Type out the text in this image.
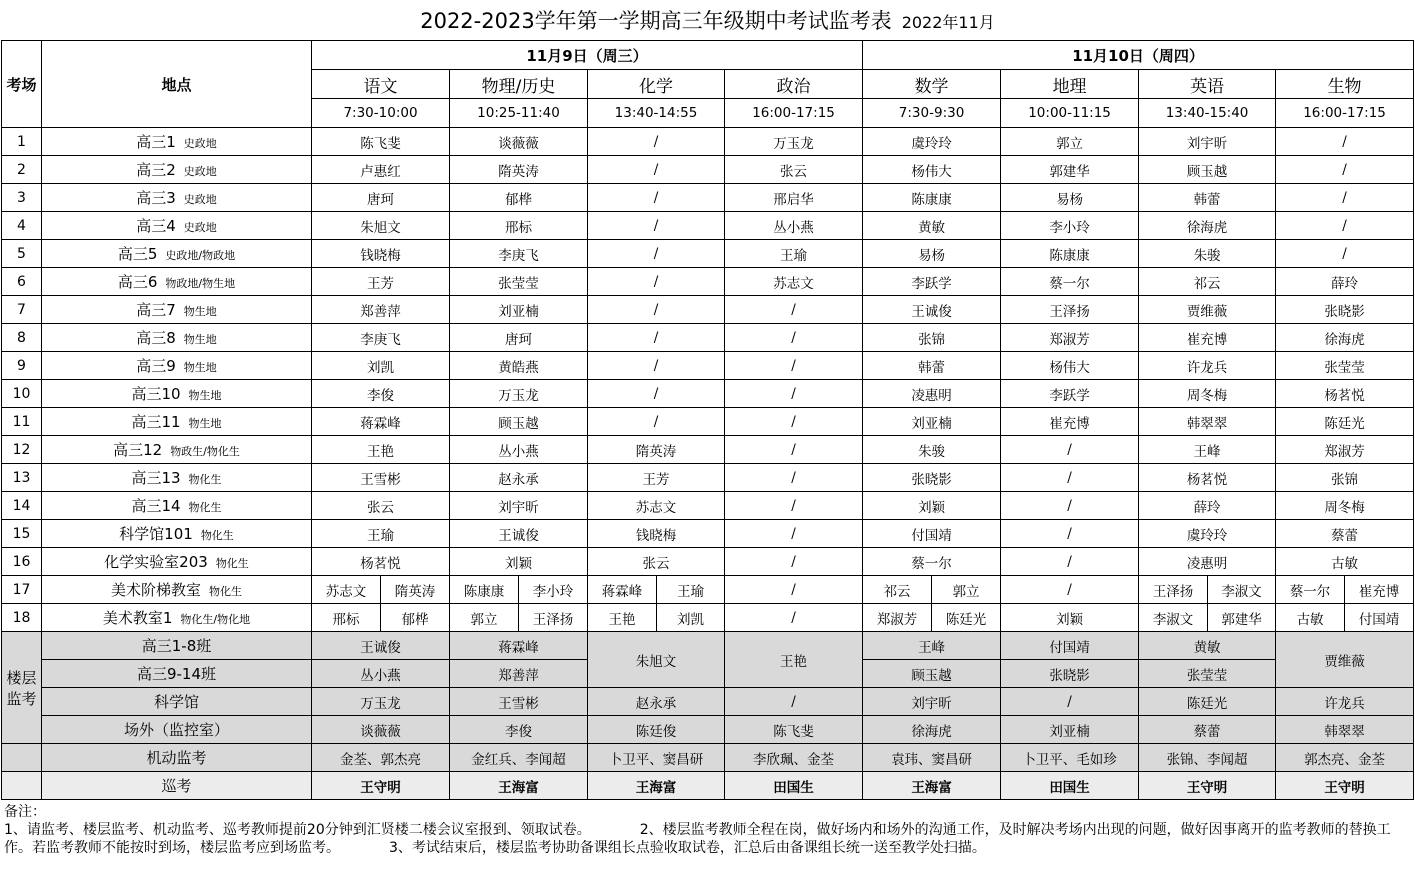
2022-2023学年第一学期高三年级期中考试监考表 2022年11月
考场	地点	11月9日（周三）							11月10日（周四）						
		语文		物理/历史		化学		政治	数学		地理	英语		生物	
		7:30-10:00		10:25-11:40		13:40-14:55		16:00-17:15	7:30-9:30		10:00-11:15	13:40-15:40		16:00-17:15	
1	高三1 史政地	陈飞斐		谈薇薇		/		万玉龙	虞玲玲		郭立	刘宇昕		/	
2	高三2 史政地	卢惠红		隋英涛		/		张云	杨伟大		郭建华	顾玉越		/	
3	高三3 史政地	唐珂		郁桦		/		邢启华	陈康康		易杨	韩蕾		/	
4	高三4 史政地	朱旭文		邢标		/		丛小燕	黄敏		李小玲	徐海虎		/	
5	高三5 史政地/物政地	钱晓梅		李庚飞		/		王瑜	易杨		陈康康	朱骏		/	
6	高三6 物政地/物生地	王芳		张莹莹		/		苏志文	李跃学		蔡一尔	祁云		薛玲	
7	高三7 物生地	郑善萍		刘亚楠		/		/	王诚俊		王泽扬	贾维薇		张晓影	
8	高三8 物生地	李庚飞		唐珂		/		/	张锦		郑淑芳	崔充博		徐海虎	
9	高三9 物生地	刘凯		黄皓燕		/		/	韩蕾		杨伟大	许龙兵		张莹莹	
10	高三10 物生地	李俊		万玉龙		/		/	凌惠明		李跃学	周冬梅		杨茗悦	
11	高三11 物生地	蒋霖峰		顾玉越		/		/	刘亚楠		崔充博	韩翠翠		陈廷光	
12	高三12 物政生/物化生	王艳		丛小燕		隋英涛		/	朱骏		/	王峰		郑淑芳	
13	高三13 物化生	王雪彬		赵永承		王芳		/	张晓影		/	杨茗悦		张锦	
14	高三14 物化生	张云		刘宇昕		苏志文		/	刘颖		/	薛玲		周冬梅	
15	科学馆101 物化生	王瑜		王诚俊		钱晓梅		/	付国靖		/	虞玲玲		蔡蕾	
16	化学实验室203 物化生	杨茗悦		刘颖		张云		/	蔡一尔		/	凌惠明		古敏	
17	美术阶梯教室 物化生	苏志文	隋英涛	陈康康	李小玲	蒋霖峰	王瑜	/	祁云	郭立	/	王泽扬	李淑文	蔡一尔	崔充博
18	美术教室1 物化生/物化地	邢标	郁桦	郭立	王泽扬	王艳	刘凯	/	郑淑芳	陈廷光	刘颖	李淑文	郭建华	古敏	付国靖
楼层监考	高三1-8班	王诚俊		蒋霖峰		朱旭文		王艳	王峰		付国靖	黄敏		贾维薇	
	高三9-14班	丛小燕		郑善萍					顾玉越		张晓影	张莹莹			
	科学馆	万玉龙		王雪彬		赵永承		/	刘宇昕		/	陈廷光		许龙兵	
	场外（监控室）	谈薇薇		李俊		陈廷俊		陈飞斐	徐海虎		刘亚楠	蔡蕾		韩翠翠	
	机动监考	金荃、郭杰亮		金红兵、李闻超		卜卫平、窦昌研		李欣珮、金荃	袁玮、窦昌研		卜卫平、毛如珍	张锦、李闻超		郭杰亮、金荃	
	巡考	王守明		王海富		王海富		田国生	王海富		田国生	王守明		王守明	
备注：
1、请监考、楼层监考、机动监考、巡考教师提前20分钟到汇贤楼二楼会议室报到、领取试卷。	2、楼层监考教师全程在岗，做好场内和场外的沟通工作，及时解决考场内出现的问题，做好因事离开的监考教师的替换工作。若监考教师不能按时到场，楼层监考应到场监考。	3、考试结束后，楼层监考协助备课组长点验收取试卷，汇总后由备课组长统一送至教学处扫描。
